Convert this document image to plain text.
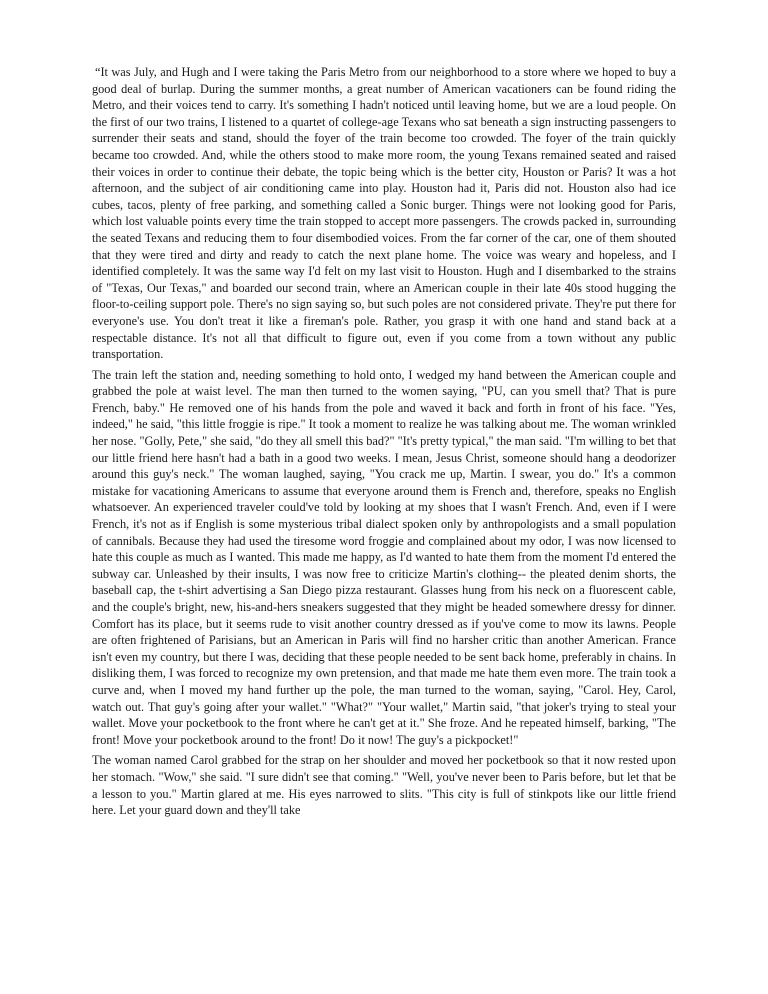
“It was July, and Hugh and I were taking the Paris Metro from our neighborhood to a store where we hoped to buy a good deal of burlap. During the summer months, a great number of American vacationers can be found riding the Metro, and their voices tend to carry. It's something I hadn't noticed until leaving home, but we are a loud people. On the first of our two trains, I listened to a quartet of college-age Texans who sat beneath a sign instructing passengers to surrender their seats and stand, should the foyer of the train become too crowded. The foyer of the train quickly became too crowded. And, while the others stood to make more room, the young Texans remained seated and raised their voices in order to continue their debate, the topic being which is the better city, Houston or Paris? It was a hot afternoon, and the subject of air conditioning came into play. Houston had it, Paris did not. Houston also had ice cubes, tacos, plenty of free parking, and something called a Sonic burger. Things were not looking good for Paris, which lost valuable points every time the train stopped to accept more passengers. The crowds packed in, surrounding the seated Texans and reducing them to four disembodied voices. From the far corner of the car, one of them shouted that they were tired and dirty and ready to catch the next plane home. The voice was weary and hopeless, and I identified completely. It was the same way I'd felt on my last visit to Houston. Hugh and I disembarked to the strains of "Texas, Our Texas," and boarded our second train, where an American couple in their late 40s stood hugging the floor-to-ceiling support pole. There's no sign saying so, but such poles are not considered private. They're put there for everyone's use. You don't treat it like a fireman's pole. Rather, you grasp it with one hand and stand back at a respectable distance. It's not all that difficult to figure out, even if you come from a town without any public transportation.

The train left the station and, needing something to hold onto, I wedged my hand between the American couple and grabbed the pole at waist level. The man then turned to the women saying, "PU, can you smell that? That is pure French, baby." He removed one of his hands from the pole and waved it back and forth in front of his face. "Yes, indeed," he said, "this little froggie is ripe." It took a moment to realize he was talking about me. The woman wrinkled her nose. "Golly, Pete," she said, "do they all smell this bad?" "It's pretty typical," the man said. "I'm willing to bet that our little friend here hasn't had a bath in a good two weeks. I mean, Jesus Christ, someone should hang a deodorizer around this guy's neck." The woman laughed, saying, "You crack me up, Martin. I swear, you do." It's a common mistake for vacationing Americans to assume that everyone around them is French and, therefore, speaks no English whatsoever. An experienced traveler could've told by looking at my shoes that I wasn't French. And, even if I were French, it's not as if English is some mysterious tribal dialect spoken only by anthropologists and a small population of cannibals. Because they had used the tiresome word froggie and complained about my odor, I was now licensed to hate this couple as much as I wanted. This made me happy, as I'd wanted to hate them from the moment I'd entered the subway car. Unleashed by their insults, I was now free to criticize Martin's clothing-- the pleated denim shorts, the baseball cap, the t-shirt advertising a San Diego pizza restaurant. Glasses hung from his neck on a fluorescent cable, and the couple's bright, new, his-and-hers sneakers suggested that they might be headed somewhere dressy for dinner. Comfort has its place, but it seems rude to visit another country dressed as if you've come to mow its lawns. People are often frightened of Parisians, but an American in Paris will find no harsher critic than another American. France isn't even my country, but there I was, deciding that these people needed to be sent back home, preferably in chains. In disliking them, I was forced to recognize my own pretension, and that made me hate them even more. The train took a curve and, when I moved my hand further up the pole, the man turned to the woman, saying, "Carol. Hey, Carol, watch out. That guy's going after your wallet." "What?" "Your wallet," Martin said, "that joker's trying to steal your wallet. Move your pocketbook to the front where he can't get at it." She froze. And he repeated himself, barking, "The front! Move your pocketbook around to the front! Do it now! The guy's a pickpocket!"

The woman named Carol grabbed for the strap on her shoulder and moved her pocketbook so that it now rested upon her stomach. "Wow," she said. "I sure didn't see that coming." "Well, you've never been to Paris before, but let that be a lesson to you." Martin glared at me. His eyes narrowed to slits. "This city is full of stinkpots like our little friend here. Let your guard down and they'll take
